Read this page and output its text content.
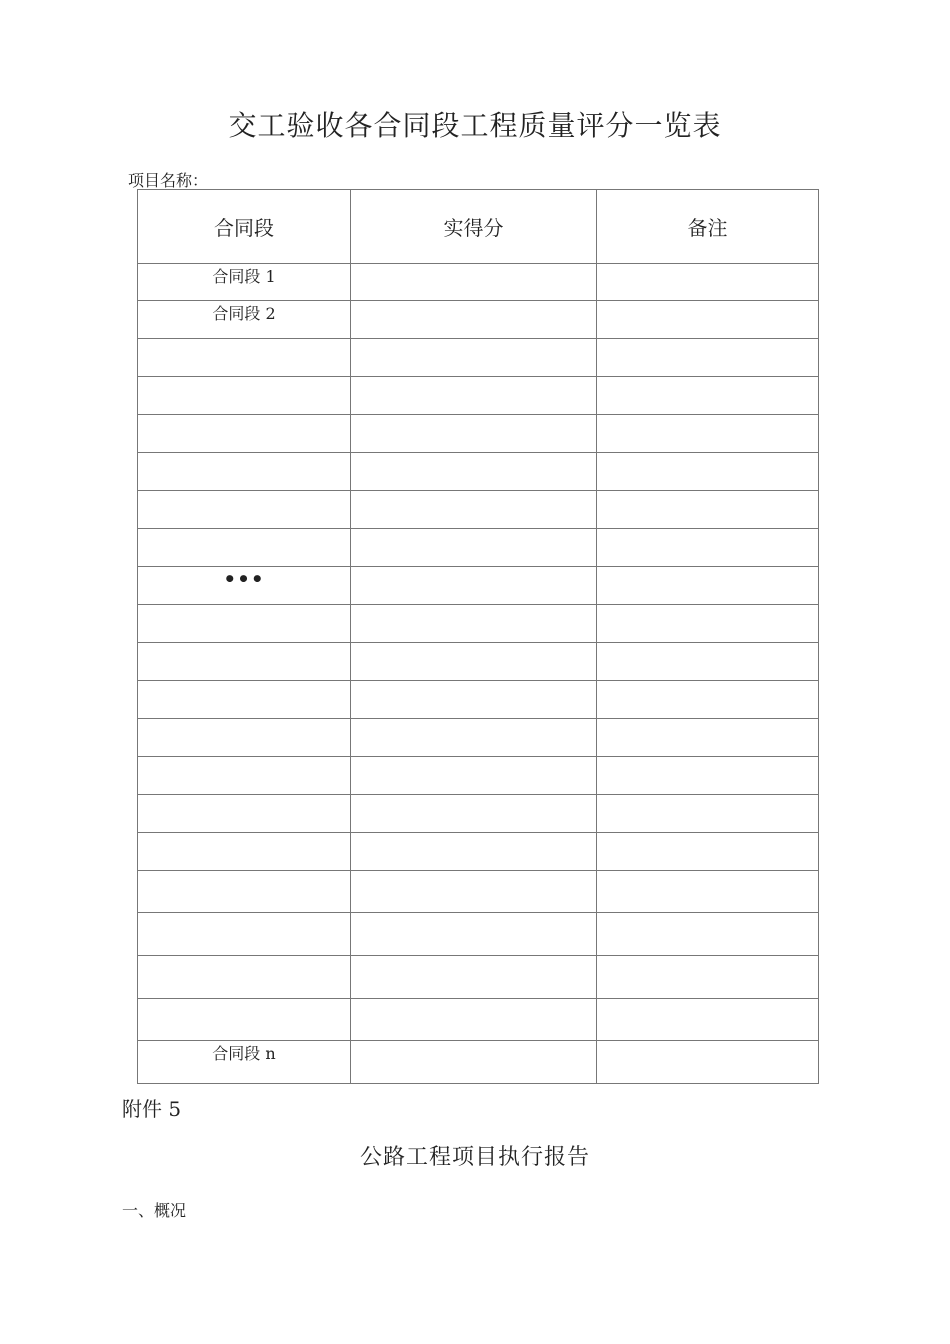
交工验收各合同段工程质量评分一览表
项目名称：
合同段	实得分	备注

合同段 1		

合同段 2		

•••		

合同段 n		

附件 5
公路工程项目执行报告
一、概况
